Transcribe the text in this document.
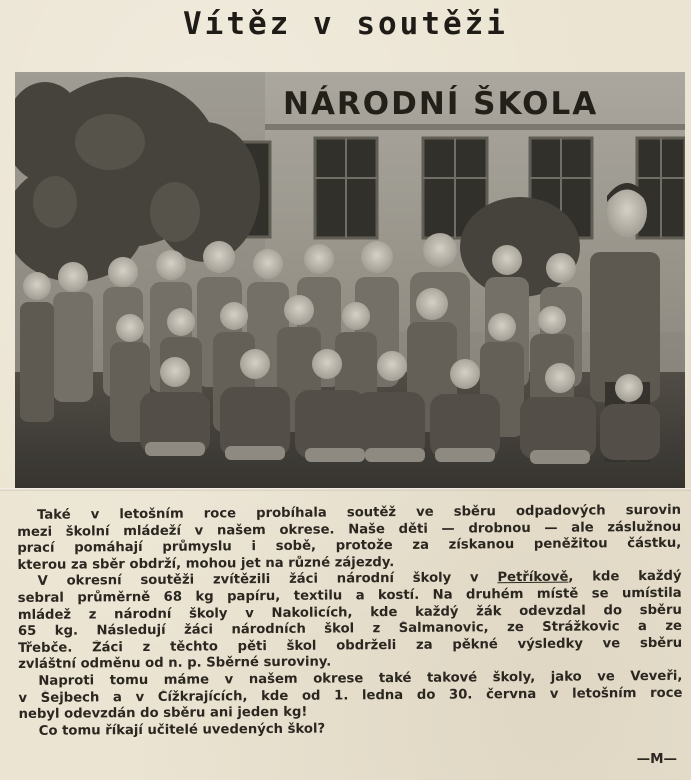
Vítěz v soutěži
NÁRODNÍ ŠKOLA
Také v letošním roce probíhala soutěž ve sběru odpadových surovin
mezi školní mládeží v našem okrese. Naše děti — drobnou — ale záslužnou
prací pomáhají průmyslu i sobě, protože za získanou peněžitou částku,
kterou za sběr obdrží, mohou jet na různé zájezdy.
V okresní soutěži zvítězili žáci národní školy v Petříkově, kde každý
sebral průměrně 68 kg papíru, textilu a kostí. Na druhém místě se umístila
mládež z národní školy v Nakolicích, kde každý žák odevzdal do sběru
65 kg. Následují žáci národních škol z Šalmanovic, ze Strážkovic a ze
Třebče. Žáci z těchto pěti škol obdrželi za pěkné výsledky ve sběru
zvláštní odměnu od n. p. Sběrné suroviny.
Naproti tomu máme v našem okrese také takové školy, jako ve Veveři,
v Šejbech a v Čížkrajících, kde od 1. ledna do 30. června v letošním roce
nebyl odevzdán do sběru ani jeden kg!
Co tomu říkají učitelé uvedených škol?
—M—
